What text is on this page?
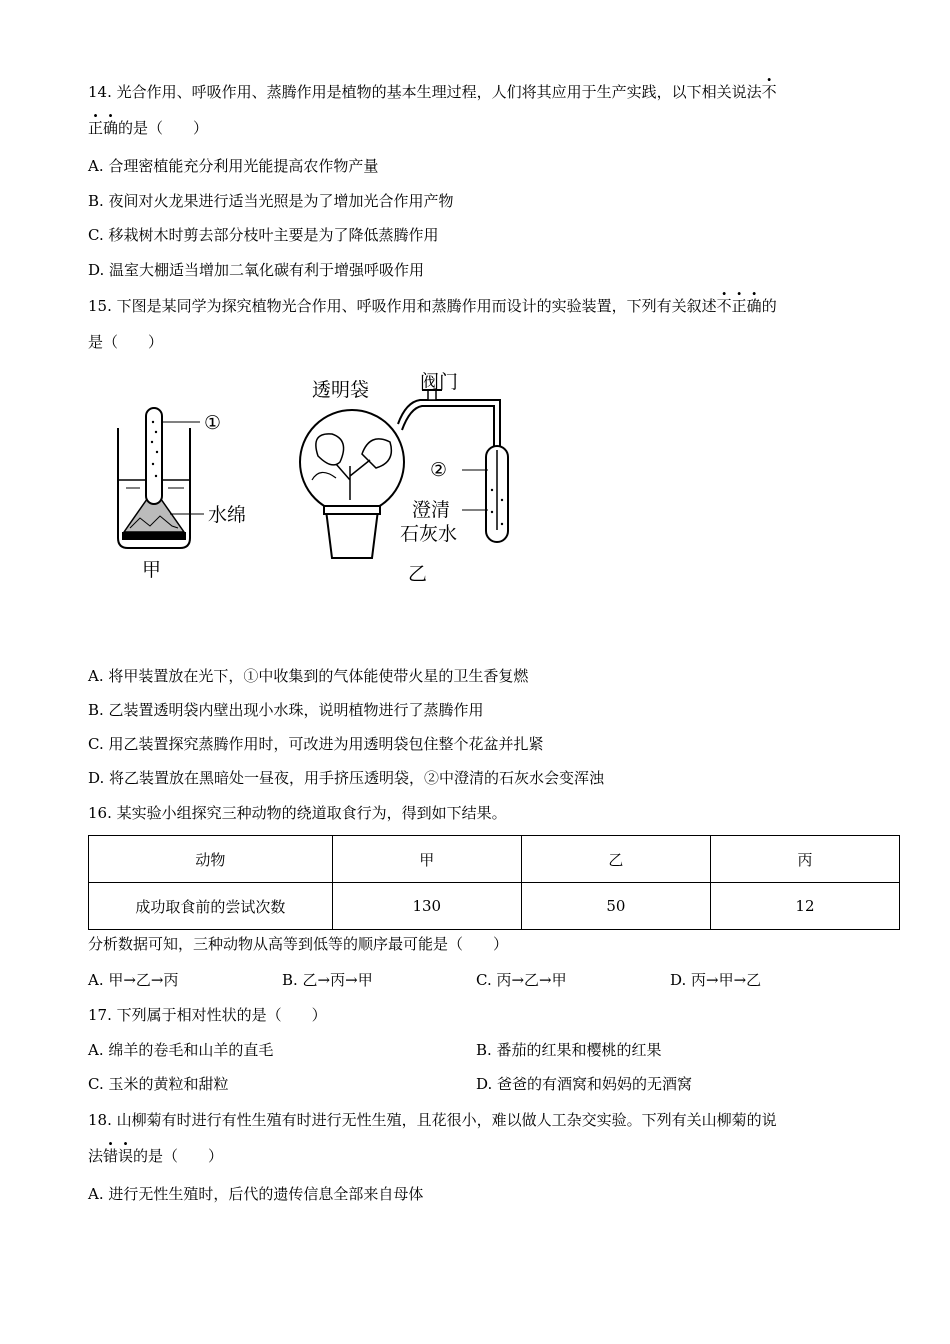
14. 光合作用、呼吸作用、蒸腾作用是植物的基本生理过程，人们将其应用于生产实践，以下相关说法不
正确的是（　　）
A. 合理密植能充分利用光能提高农作物产量
B. 夜间对火龙果进行适当光照是为了增加光合作用产物
C. 移栽树木时剪去部分枝叶主要是为了降低蒸腾作用
D. 温室大棚适当增加二氧化碳有利于增强呼吸作用
15. 下图是某同学为探究植物光合作用、呼吸作用和蒸腾作用而设计的实验装置，下列有关叙述不正确的
是（　　）
①
水绵
甲
透明袋	阀门
②
澄清
石灰水
乙
A. 将甲装置放在光下，①中收集到的气体能使带火星的卫生香复燃
B. 乙装置透明袋内壁出现小水珠，说明植物进行了蒸腾作用
C. 用乙装置探究蒸腾作用时，可改进为用透明袋包住整个花盆并扎紧
D. 将乙装置放在黑暗处一昼夜，用手挤压透明袋，②中澄清的石灰水会变浑浊
16. 某实验小组探究三种动物的绕道取食行为，得到如下结果。
动物	甲	乙	丙
成功取食前的尝试次数	130	50	12
分析数据可知，三种动物从高等到低等的顺序最可能是（　　）
A. 甲→乙→丙	B. 乙→丙→甲	C. 丙→乙→甲	D. 丙→甲→乙
17. 下列属于相对性状的是（　　）
A. 绵羊的卷毛和山羊的直毛	B. 番茄的红果和樱桃的红果
C. 玉米的黄粒和甜粒	D. 爸爸的有酒窝和妈妈的无酒窝
18. 山柳菊有时进行有性生殖有时进行无性生殖，且花很小，难以做人工杂交实验。下列有关山柳菊的说
法错误的是（　　）
A. 进行无性生殖时，后代的遗传信息全部来自母体
